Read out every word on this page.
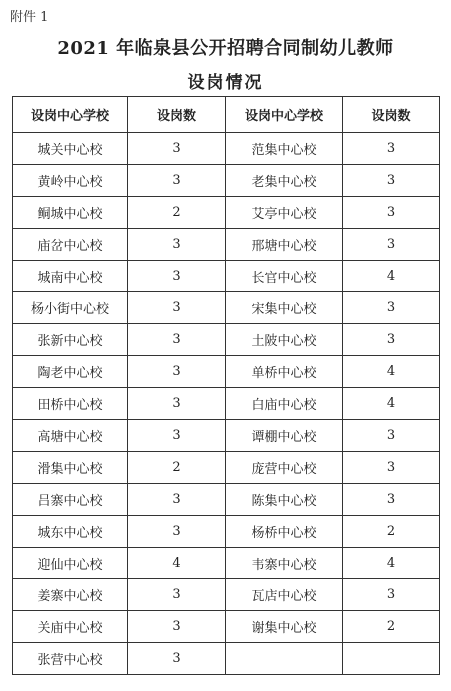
附件 1
2021 年临泉县公开招聘合同制幼儿教师
设岗情况
设岗中心学校	设岗数	设岗中心学校	设岗数
城关中心校	3	范集中心校	3
黄岭中心校	3	老集中心校	3
鲖城中心校	2	艾亭中心校	3
庙岔中心校	3	邢塘中心校	3
城南中心校	3	长官中心校	4
杨小街中心校	3	宋集中心校	3
张新中心校	3	土陂中心校	3
陶老中心校	3	单桥中心校	4
田桥中心校	3	白庙中心校	4
高塘中心校	3	谭棚中心校	3
滑集中心校	2	庞营中心校	3
吕寨中心校	3	陈集中心校	3
城东中心校	3	杨桥中心校	2
迎仙中心校	4	韦寨中心校	4
姜寨中心校	3	瓦店中心校	3
关庙中心校	3	谢集中心校	2
张营中心校	3		
